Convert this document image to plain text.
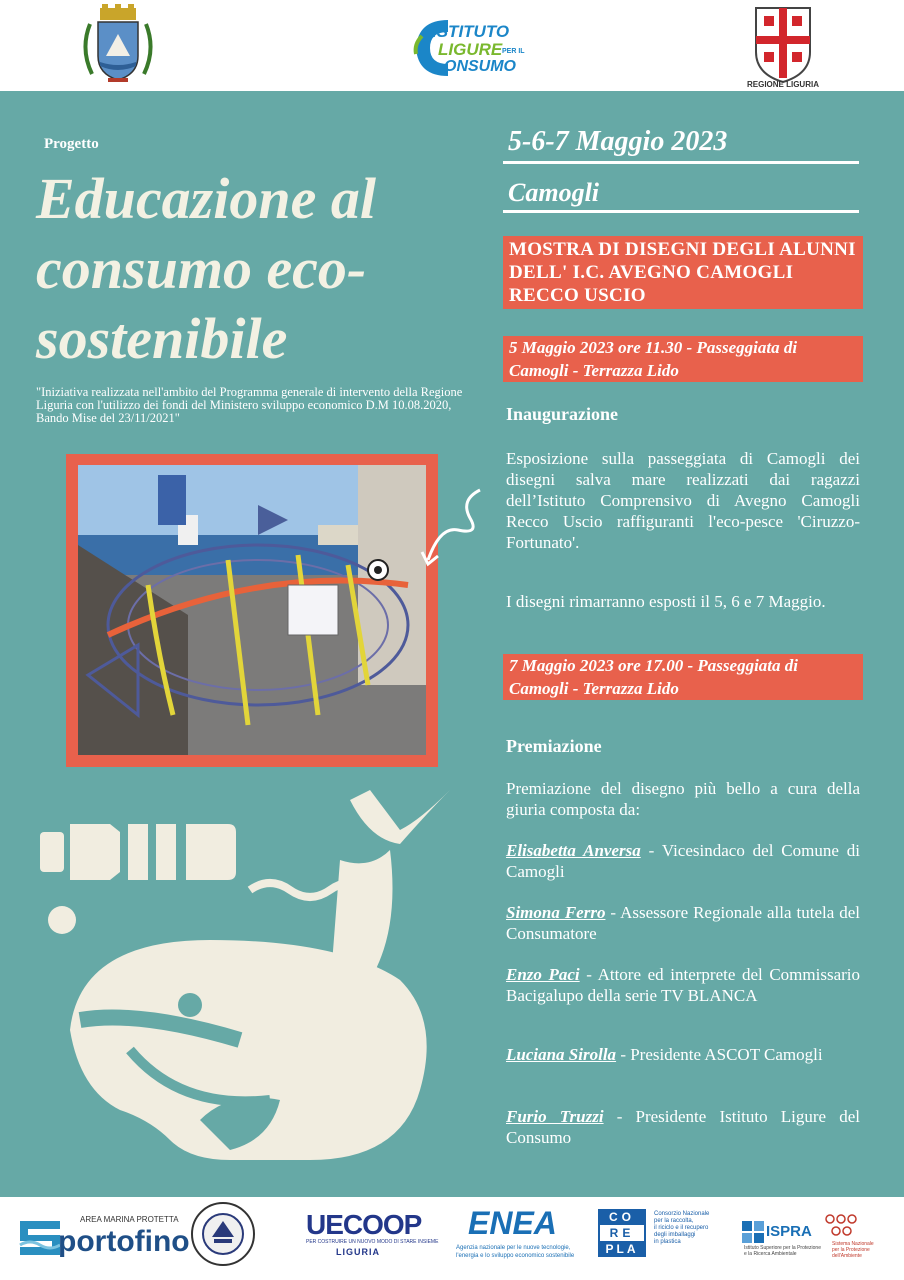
ISTITUTO
LIGURE PER IL
ONSUMO
REGIONE LIGURIA
Progetto
Educazione al
consumo eco-
sostenibile
"Iniziativa realizzata nell'ambito del Programma generale di intervento della Regione Liguria con l'utilizzo dei fondi del Ministero sviluppo economico D.M 10.08.2020, Bando Mise del 23/11/2021"
5-6-7 Maggio 2023
Camogli
MOSTRA DI DISEGNI DEGLI ALUNNI DELL' I.C. AVEGNO CAMOGLI RECCO USCIO
5 Maggio 2023 ore 11.30 - Passeggiata di Camogli - Terrazza Lido
Inaugurazione
Esposizione sulla passeggiata di Camogli dei disegni salva mare realizzati dai ragazzi dell’Istituto Comprensivo di Avegno Camogli Recco Uscio raffiguranti l'eco-pesce 'Ciruzzo-Fortunato'.
I disegni rimarranno esposti il 5, 6 e 7 Maggio.
7 Maggio 2023 ore 17.00 - Passeggiata di Camogli - Terrazza Lido
Premiazione
Premiazione del disegno più bello a cura della giuria composta da:
Elisabetta Anversa - Vicesindaco del Comune di Camogli
Simona Ferro - Assessore Regionale alla tutela del Consumatore
Enzo Paci - Attore ed interprete del Commissario Bacigalupo della serie TV BLANCA
Luciana Sirolla - Presidente ASCOT Camogli
Furio Truzzi - Presidente Istituto Ligure del Consumo
AREA MARINA PROTETTA
portofino
UECOOP
PER COSTRUIRE UN NUOVO MODO DI STARE INSIEME
LIGURIA
ENEA
Agenzia nazionale per le nuove tecnologie,
l'energia e lo sviluppo economico sostenibile
CO
RE
PLA
Consorzio Nazionale
per la raccolta,
il riciclo e il recupero
degli imballaggi
in plastica
ISPRA
Istituto Superiore per la Protezione
e la Ricerca Ambientale
Sistema Nazionale
per la Protezione
dell'Ambiente
